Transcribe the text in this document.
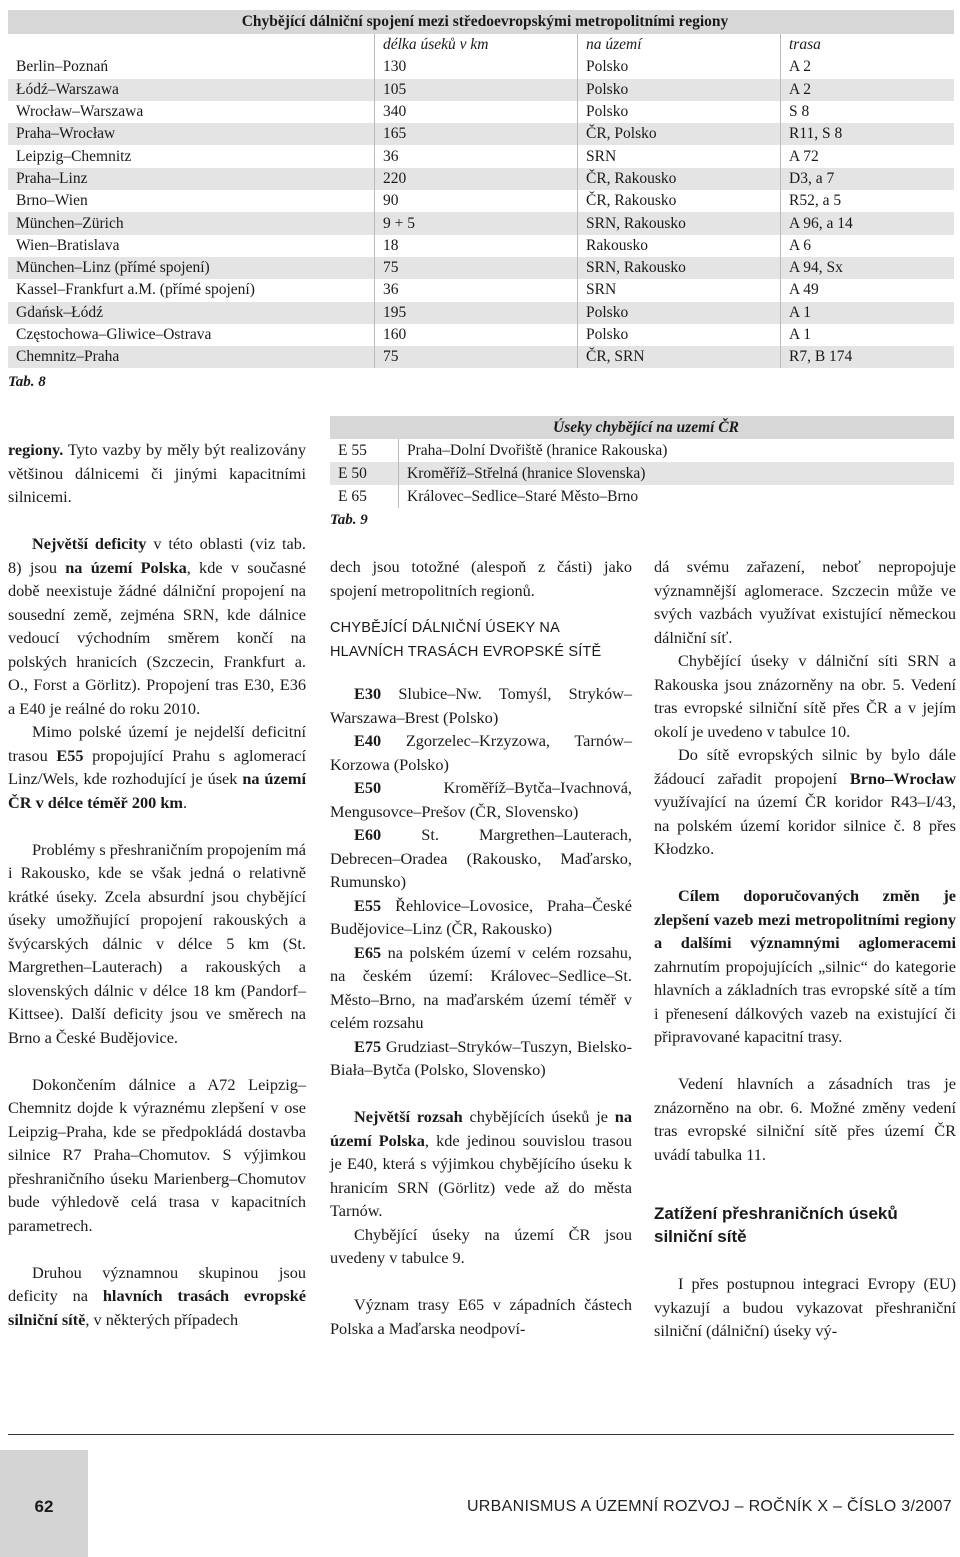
Chybějící dálniční spojení mezi středoevropskými metropolitními regiony			
	délka úseků v km	na území	trasa
Berlin–Poznań	130	Polsko	A 2
Łódź–Warszawa	105	Polsko	A 2
Wrocław–Warszawa	340	Polsko	S 8
Praha–Wrocław	165	ČR, Polsko	R11, S 8
Leipzig–Chemnitz	36	SRN	A 72
Praha–Linz	220	ČR, Rakousko	D3, a 7
Brno–Wien	90	ČR, Rakousko	R52, a 5
München–Zürich	9 + 5	SRN, Rakousko	A 96, a 14
Wien–Bratislava	18	Rakousko	A 6
München–Linz (přímé spojení)	75	SRN, Rakousko	A 94, Sx
Kassel–Frankfurt a.M. (přímé spojení)	36	SRN	A 49
Gdańsk–Łódź	195	Polsko	A 1
Częstochowa–Gliwice–Ostrava	160	Polsko	A 1
Chemnitz–Praha	75	ČR, SRN	R7, B 174
Tab. 8
Úseky chybějící na uzemí ČR	
E 55	Praha–Dolní Dvořiště (hranice Rakouska)
E 50	Kroměříž–Střelná (hranice Slovenska)
E 65	Královec–Sedlice–Staré Město–Brno
Tab. 9

regiony. Tyto vazby by měly být realizovány většinou dálnicemi či jinými kapacitními silnicemi.

Největší deficity v této oblasti (viz tab. 8) jsou na území Polska, kde v současné době neexistuje žádné dálniční propojení na sousední země, zejména SRN, kde dálnice vedoucí východním směrem končí na polských hranicích (Szczecin, Frankfurt a. O., Forst a Görlitz). Propojení tras E30, E36 a E40 je reálné do roku 2010.

Mimo polské území je nejdelší deficitní trasou E55 propojující Prahu s aglomerací Linz/Wels, kde rozhodující je úsek na území ČR v délce téměř 200 km.

Problémy s přeshraničním propojením má i Rakousko, kde se však jedná o relativně krátké úseky. Zcela absurdní jsou chybějící úseky umožňující propojení rakouských a švýcarských dálnic v délce 5 km (St. Margrethen–Lauterach) a rakouských a slovenských dálnic v délce 18 km (Pandorf–Kittsee). Další deficity jsou ve směrech na Brno a České Budějovice.

Dokončením dálnice a A72 Leipzig–Chemnitz dojde k výraznému zlepšení v ose Leipzig–Praha, kde se předpokládá dostavba silnice R7 Praha–Chomutov. S výjimkou přeshraničního úseku Marienberg–Chomutov bude výhledově celá trasa v kapacitních parametrech.

Druhou významnou skupinou jsou deficity na hlavních trasách evropské silniční sítě, v některých případech

dech jsou totožné (alespoň z části) jako spojení metropolitních regionů.

CHYBĚJÍCÍ DÁLNIČNÍ ÚSEKY NA HLAVNÍCH TRASÁCH EVROPSKÉ SÍTĚ

E30 Slubice–Nw. Tomyśl, Stryków–Warszawa–Brest (Polsko)

E40 Zgorzelec–Krzyzowa, Tarnów–Korzowa (Polsko)

E50 Kroměříž–Bytča–Ivachnová, Mengusovce–Prešov (ČR, Slovensko)

E60 St. Margrethen–Lauterach, Debrecen–Oradea (Rakousko, Maďarsko, Rumunsko)

E55 Řehlovice–Lovosice, Praha–České Budějovice–Linz (ČR, Rakousko)

E65 na polském území v celém rozsahu, na českém území: Královec–Sedlice–St. Město–Brno, na maďarském území téměř v celém rozsahu

E75 Grudziast–Stryków–Tuszyn, Bielsko-Biała–Bytča (Polsko, Slovensko)

Největší rozsah chybějících úseků je na území Polska, kde jedinou souvislou trasou je E40, která s výjimkou chybějícího úseku k hranicím SRN (Görlitz) vede až do města Tarnów.

Chybějící úseky na území ČR jsou uvedeny v tabulce 9.

Význam trasy E65 v západních částech Polska a Maďarska neodpoví-

dá svému zařazení, neboť nepropojuje významnější aglomerace. Szczecin může ve svých vazbách využívat existující německou dálniční síť.

Chybějící úseky v dálniční síti SRN a Rakouska jsou znázorněny na obr. 5. Vedení tras evropské silniční sítě přes ČR a v jejím okolí je uvedeno v tabulce 10.

Do sítě evropských silnic by bylo dále žádoucí zařadit propojení Brno–Wrocław využívající na území ČR koridor R43–I/43, na polském území koridor silnice č. 8 přes Kłodzko.

Cílem doporučovaných změn je zlepšení vazeb mezi metropolitními regiony a dalšími významnými aglomeracemi zahrnutím propojujících „silnic“ do kategorie hlavních a základních tras evropské sítě a tím i přenesení dálkových vazeb na existující či připravované kapacitní trasy.

Vedení hlavních a zásadních tras je znázorněno na obr. 6. Možné změny vedení tras evropské silniční sítě přes území ČR uvádí tabulka 11.

Zatížení přeshraničních úseků silniční sítě

I přes postupnou integraci Evropy (EU) vykazují a budou vykazovat přeshraniční silniční (dálniční) úseky vý-

62	URBANISMUS A ÚZEMNÍ ROZVOJ – ROČNÍK X – ČÍSLO 3/2007
